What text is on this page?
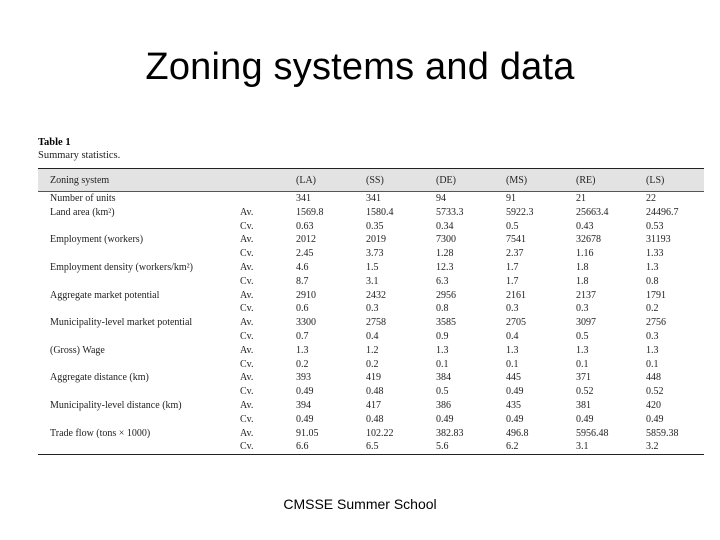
Zoning systems and data
Table 1
Summary statistics.
Zoning system		(LA)	(SS)	(DE)	(MS)	(RE)	(LS)
Number of units		341	341	94	91	21	22
Land area (km²)	Av.	1569.8	1580.4	5733.3	5922.3	25663.4	24496.7
	Cv.	0.63	0.35	0.34	0.5	0.43	0.53
Employment (workers)	Av.	2012	2019	7300	7541	32678	31193
	Cv.	2.45	3.73	1.28	2.37	1.16	1.33
Employment density (workers/km²)	Av.	4.6	1.5	12.3	1.7	1.8	1.3
	Cv.	8.7	3.1	6.3	1.7	1.8	0.8
Aggregate market potential	Av.	2910	2432	2956	2161	2137	1791
	Cv.	0.6	0.3	0.8	0.3	0.3	0.2
Municipality-level market potential	Av.	3300	2758	3585	2705	3097	2756
	Cv.	0.7	0.4	0.9	0.4	0.5	0.3
(Gross) Wage	Av.	1.3	1.2	1.3	1.3	1.3	1.3
	Cv.	0.2	0.2	0.1	0.1	0.1	0.1
Aggregate distance (km)	Av.	393	419	384	445	371	448
	Cv.	0.49	0.48	0.5	0.49	0.52	0.52
Municipality-level distance (km)	Av.	394	417	386	435	381	420
	Cv.	0.49	0.48	0.49	0.49	0.49	0.49
Trade flow (tons × 1000)	Av.	91.05	102.22	382.83	496.8	5956.48	5859.38
	Cv.	6.6	6.5	5.6	6.2	3.1	3.2
CMSSE Summer School
